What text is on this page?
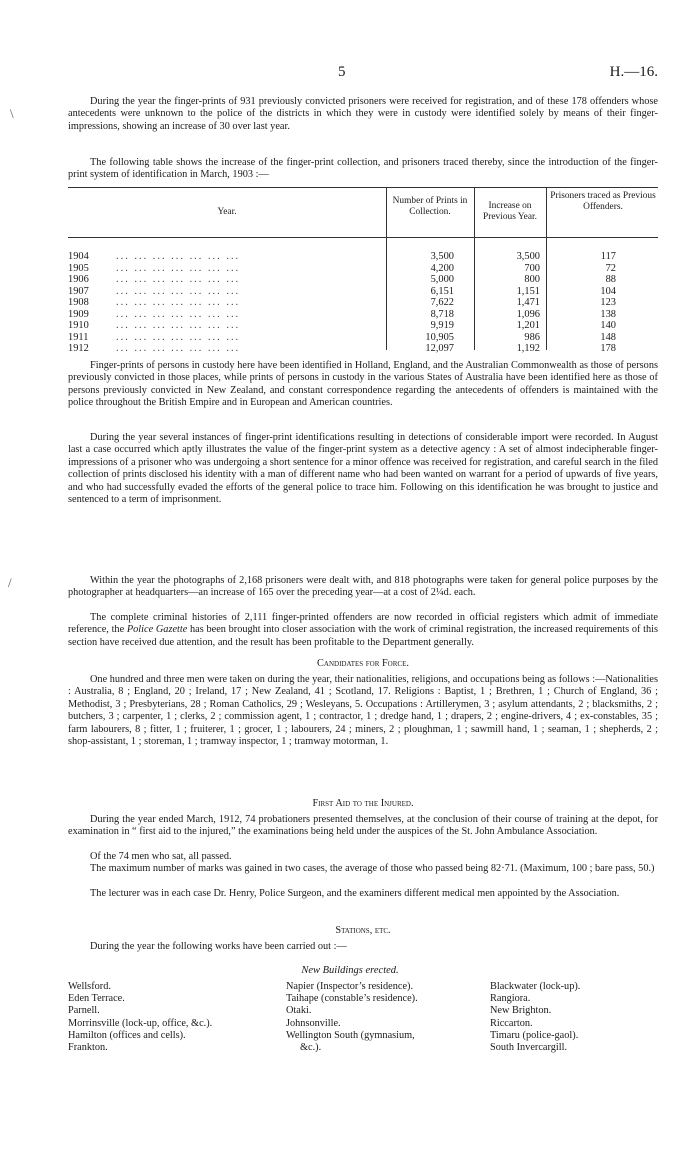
5	H.—16.
\
/

During the year the finger-prints of 931 previously convicted prisoners were received for registration, and of these 178 offenders whose antecedents were unknown to the police of the districts in which they were in custody were identified solely by means of their finger-impressions, showing an increase of 30 over last year.

The following table shows the increase of the finger-print collection, and prisoners traced thereby, since the introduction of the finger-print system of identification in March, 1903 :—

Year.
Number of Prints in Collection.
Increase on Previous Year.
Prisoners traced as Previous Offenders.
1904	... ... ... ... ... ... ...	3,500	3,500	117
1905	... ... ... ... ... ... ...	4,200	700	72
1906	... ... ... ... ... ... ...	5,000	800	88
1907	... ... ... ... ... ... ...	6,151	1,151	104
1908	... ... ... ... ... ... ...	7,622	1,471	123
1909	... ... ... ... ... ... ...	8,718	1,096	138
1910	... ... ... ... ... ... ...	9,919	1,201	140
1911	... ... ... ... ... ... ...	10,905	986	148
1912	... ... ... ... ... ... ...	12,097	1,192	178

Finger-prints of persons in custody here have been identified in Holland, England, and the Australian Commonwealth as those of persons previously convicted in those places, while prints of persons in custody in the various States of Australia have been identified here as those of persons previously convicted in New Zealand, and constant correspondence regarding the antecedents of offenders is maintained with the police throughout the British Empire and in European and American countries.

During the year several instances of finger-print identifications resulting in detections of considerable import were recorded. In August last a case occurred which aptly illustrates the value of the finger-print system as a detective agency : A set of almost indecipherable finger-impressions of a prisoner who was undergoing a short sentence for a minor offence was received for registration, and careful search in the filed collection of prints disclosed his identity with a man of different name who had been wanted on warrant for a period of upwards of five years, and who had successfully evaded the efforts of the general police to trace him. Following on this identification he was brought to justice and sentenced to a term of imprisonment.

Within the year the photographs of 2,168 prisoners were dealt with, and 818 photographs were taken for general police purposes by the photographer at headquarters—an increase of 165 over the preceding year—at a cost of 2¼d. each.

The complete criminal histories of 2,111 finger-printed offenders are now recorded in official registers which admit of immediate reference, the Police Gazette has been brought into closer association with the work of criminal registration, the increased requirements of this section have received due attention, and the result has been profitable to the Department generally.

Candidates for Force.

One hundred and three men were taken on during the year, their nationalities, religions, and occupations being as follows :—Nationalities : Australia, 8 ; England, 20 ; Ireland, 17 ; New Zealand, 41 ; Scotland, 17. Religions : Baptist, 1 ; Brethren, 1 ; Church of England, 36 ; Methodist, 3 ; Presbyterians, 28 ; Roman Catholics, 29 ; Wesleyans, 5. Occupations : Artillerymen, 3 ; asylum attendants, 2 ; blacksmiths, 2 ; butchers, 3 ; carpenter, 1 ; clerks, 2 ; commission agent, 1 ; contractor, 1 ; dredge hand, 1 ; drapers, 2 ; engine-drivers, 4 ; ex-constables, 35 ; farm labourers, 8 ; fitter, 1 ; fruiterer, 1 ; grocer, 1 ; labourers, 24 ; miners, 2 ; ploughman, 1 ; sawmill hand, 1 ; seaman, 1 ; shepherds, 2 ; shop-assistant, 1 ; storeman, 1 ; tramway inspector, 1 ; tramway motorman, 1.

First Aid to the Injured.

During the year ended March, 1912, 74 probationers presented themselves, at the conclusion of their course of training at the depot, for examination in “ first aid to the injured,” the examinations being held under the auspices of the St. John Ambulance Association.

Of the 74 men who sat, all passed.

The maximum number of marks was gained in two cases, the average of those who passed being 82·71. (Maximum, 100 ; bare pass, 50.)

The lecturer was in each case Dr. Henry, Police Surgeon, and the examiners different medical men appointed by the Association.

Stations, etc.

During the year the following works have been carried out :—

New Buildings erected.
Wellsford.
Eden Terrace.
Parnell.
Morrinsville (lock-up, office, &c.).
Hamilton (offices and cells).
Frankton.
Napier (Inspector’s residence).
Taihape (constable’s residence).
Otaki.
Johnsonville.
Wellington South (gymnasium,
&c.).
Blackwater (lock-up).
Rangiora.
New Brighton.
Riccarton.
Timaru (police-gaol).
South Invercargill.
